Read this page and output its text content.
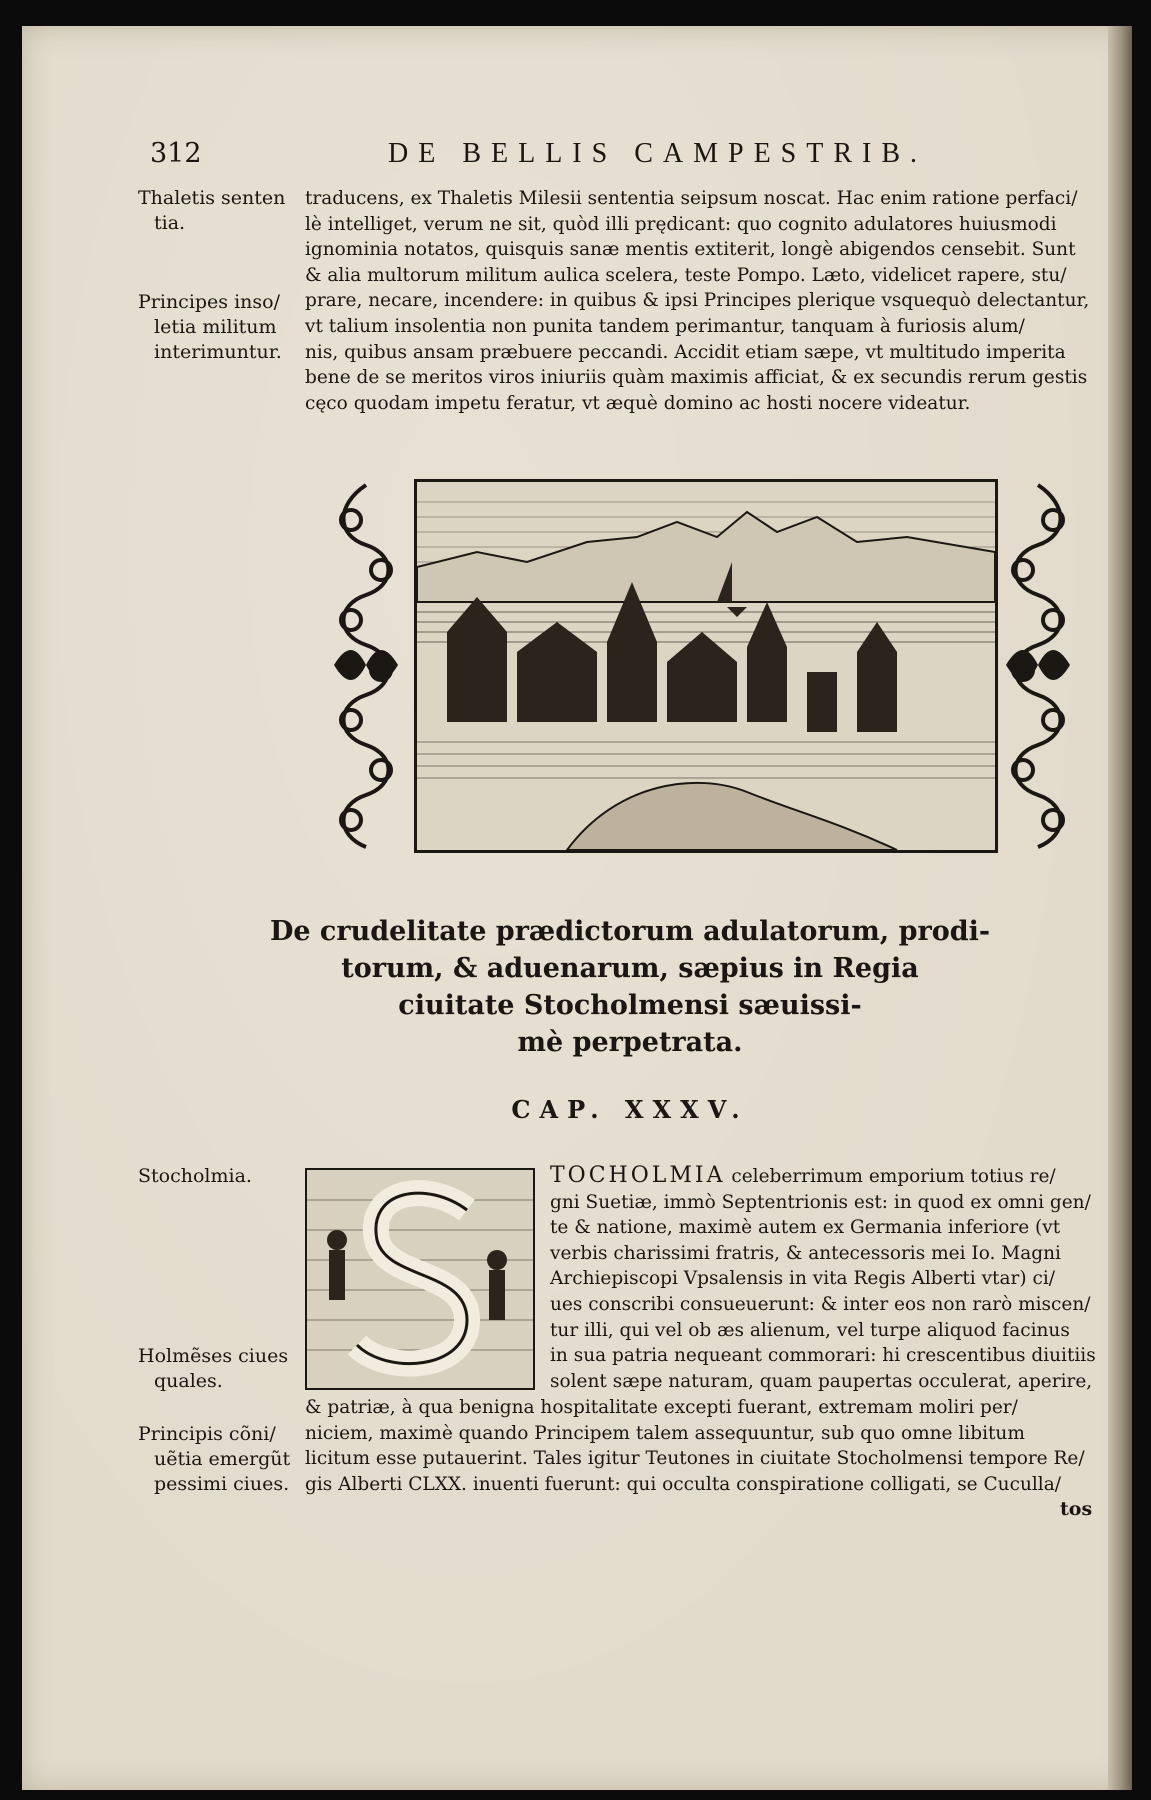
312	DE BELLIS CAMPESTRIB.
Thaletis senten
tia.
Principes inso/
letia militum
interimuntur.
Stocholmia.
Holmẽses ciues
quales.
Principis cõni/
uẽtia emergũt
pessimi ciues.
traducens, ex Thaletis Milesii sententia seipsum noscat. Hac enim ratione perfaci/
lè intelliget, verum ne sit, quòd illi prędicant: quo cognito adulatores huiusmodi
ignominia notatos, quisquis sanæ mentis extiterit, longè abigendos censebit. Sunt
& alia multorum militum aulica scelera, teste Pompo. Læto, videlicet rapere, stu/
prare, necare, incendere: in quibus & ipsi Principes plerique vsquequò delectantur,
vt talium insolentia non punita tandem perimantur, tanquam à furiosis alum/
nis, quibus ansam præbuere peccandi. Accidit etiam sæpe, vt multitudo imperita
bene de se meritos viros iniuriis quàm maximis afficiat, & ex secundis rerum gestis
cęco quodam impetu feratur, vt æquè domino ac hosti nocere videatur.
De crudelitate prædictorum adulatorum, prodi-
torum, & aduenarum, sæpius in Regia
ciuitate Stocholmensi sæuissi-
mè perpetrata.
CAP. XXXV.
TOCHOLMIA celeberrimum emporium totius re/
gni Suetiæ, immò Septentrionis est: in quod ex omni gen/
te & natione, maximè autem ex Germania inferiore (vt
verbis charissimi fratris, & antecessoris mei Io. Magni
Archiepiscopi Vpsalensis in vita Regis Alberti vtar) ci/
ues conscribi consueuerunt: & inter eos non rarò miscen/
tur illi, qui vel ob æs alienum, vel turpe aliquod facinus
in sua patria nequeant commorari: hi crescentibus diuitiis
solent sæpe naturam, quam paupertas occulerat, aperire,
& patriæ, à qua benigna hospitalitate excepti fuerant, extremam moliri per/
niciem, maximè quando Principem talem assequuntur, sub quo omne libitum
licitum esse putauerint. Tales igitur Teutones in ciuitate Stocholmensi tempore Re/
gis Alberti CLXX. inuenti fuerunt: qui occulta conspiratione colligati, se Cuculla/
tos
